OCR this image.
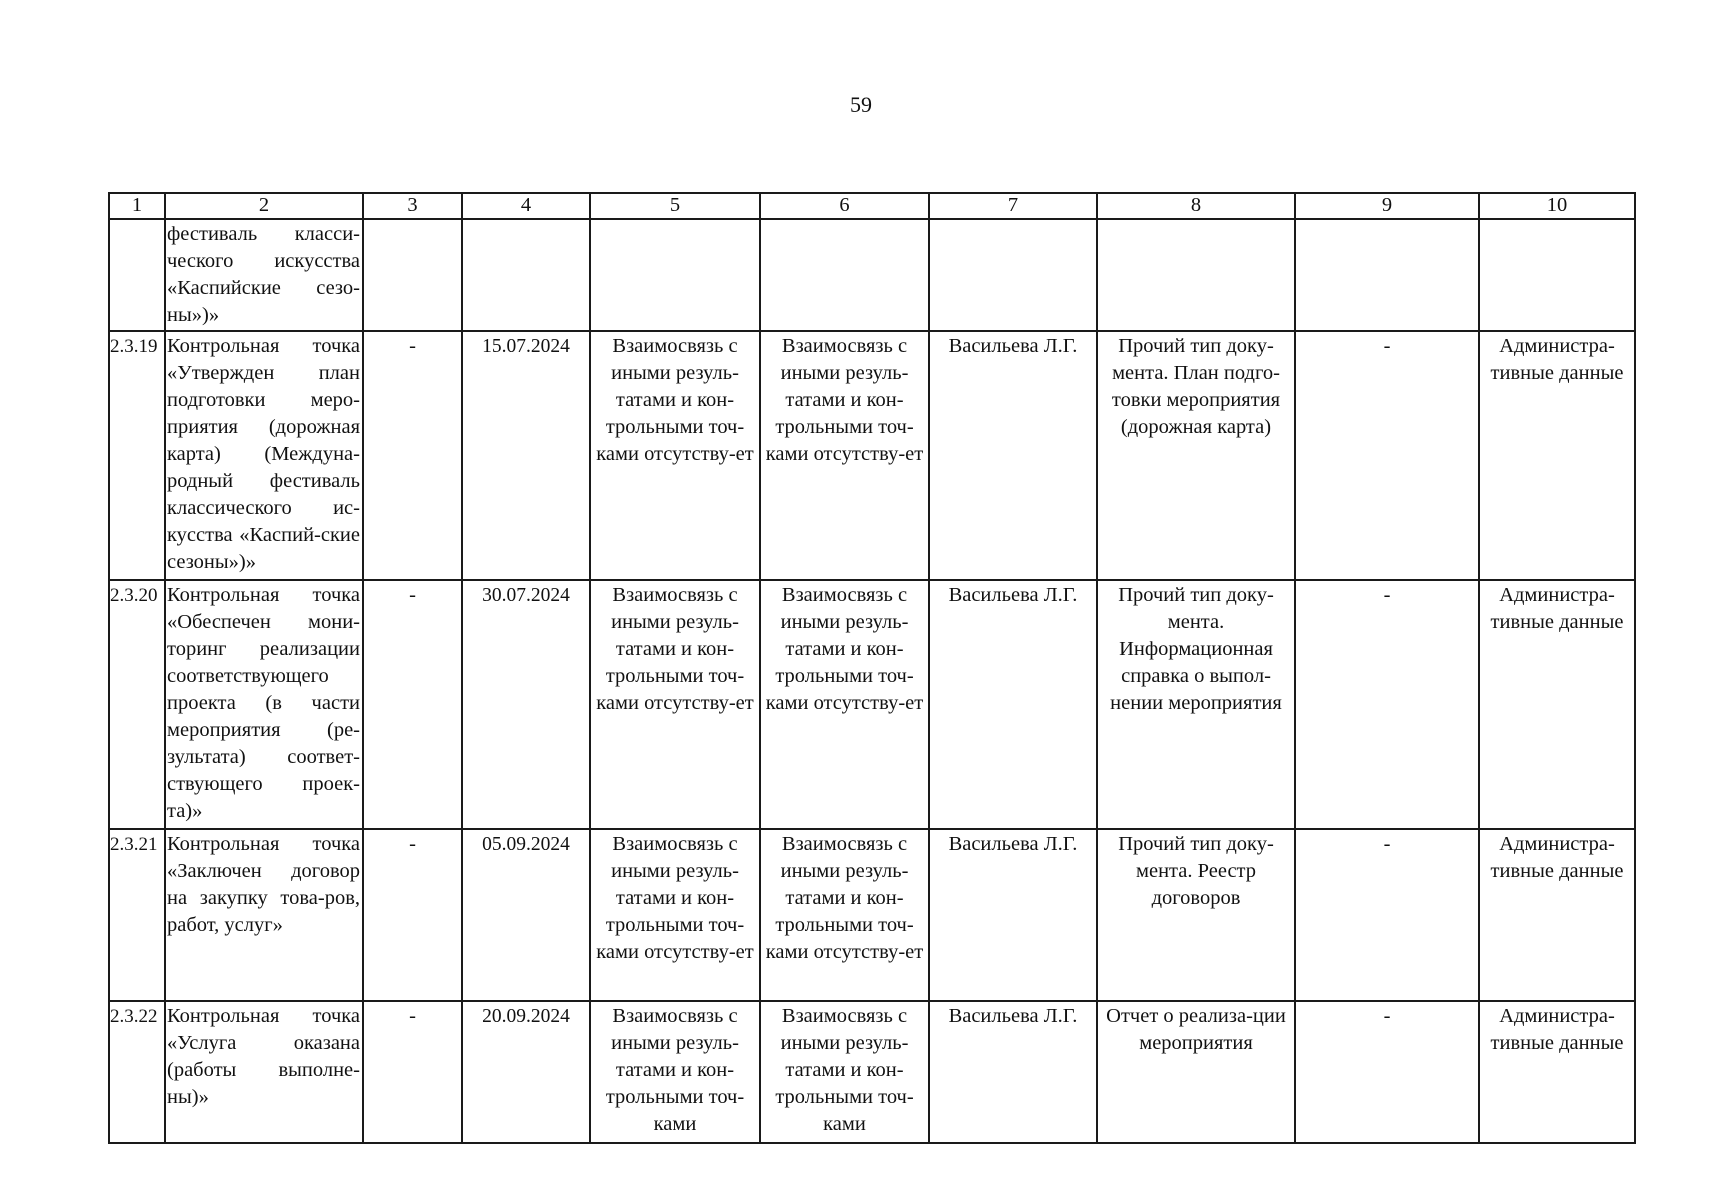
59
1	2	3	4	5	6	7	8	9	10
	фестиваль класси-ческого искусства «Каспийские сезо-ны»)»								
2.3.19	Контрольная точка «Утвержден план подготовки меро-приятия (дорожная карта) (Междуна-родный фестиваль классического ис-кусства «Каспий-ские сезоны»)»	-	15.07.2024	Взаимосвязь с иными резуль-татами и кон-трольными точ-ками отсутству-ет	Взаимосвязь с иными резуль-татами и кон-трольными точ-ками отсутству-ет	Васильева Л.Г.	Прочий тип доку-мента. План подго-товки мероприятия (дорожная карта)	-	Администра-тивные данные
2.3.20	Контрольная точка «Обеспечен мони-торинг реализации соответствующего проекта (в части мероприятия (ре-зультата) соответ-ствующего проек-та)»	-	30.07.2024	Взаимосвязь с иными резуль-татами и кон-трольными точ-ками отсутству-ет	Взаимосвязь с иными резуль-татами и кон-трольными точ-ками отсутству-ет	Васильева Л.Г.	Прочий тип доку-мента. Информационная справка о выпол-нении мероприятия	-	Администра-тивные данные
2.3.21	Контрольная точка «Заключен договор на закупку това-ров, работ, услуг»	-	05.09.2024	Взаимосвязь с иными резуль-татами и кон-трольными точ-ками отсутству-ет	Взаимосвязь с иными резуль-татами и кон-трольными точ-ками отсутству-ет	Васильева Л.Г.	Прочий тип доку-мента. Реестр договоров	-	Администра-тивные данные
2.3.22	Контрольная точка «Услуга оказана (работы выполне-ны)»	-	20.09.2024	Взаимосвязь с иными резуль-татами и кон-трольными точ-ками	Взаимосвязь с иными резуль-татами и кон-трольными точ-ками	Васильева Л.Г.	Отчет о реализа-ции мероприятия	-	Администра-тивные данные
